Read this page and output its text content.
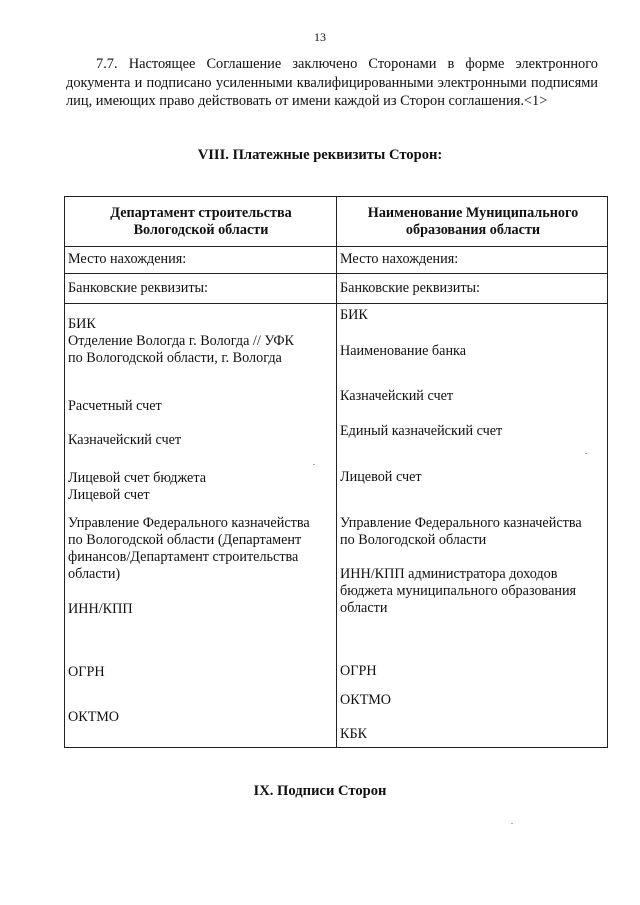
13
7.7. Настоящее Соглашение заключено Сторонами в форме электронного документа и подписано усиленными квалифицированными электронными подписями лиц, имеющих право действовать от имени каждой из Сторон соглашения.<1>
VIII. Платежные реквизиты Сторон:
Департамент строительства Вологодской области
Наименование Муниципального образования области
Место нахождения:	Место нахождения:
Банковские реквизиты:	Банковские реквизиты:
БИК
Отделение Вологда г. Вологда // УФК
по Вологодской области, г. Вологда
Расчетный счет
Казначейский счет
Лицевой счет бюджета
Лицевой счет
Управление Федерального казначейства
по Вологодской области (Департамент
финансов/Департамент строительства
области)
ИНН/КПП
ОГРН
ОКТМО
БИК
Наименование банка
Казначейский счет
Единый казначейский счет
Лицевой счет
Управление Федерального казначейства
по Вологодской области
ИНН/КПП администратора доходов
бюджета муниципального образования
области
ОГРН
ОКТМО
КБК
IX. Подписи Сторон
